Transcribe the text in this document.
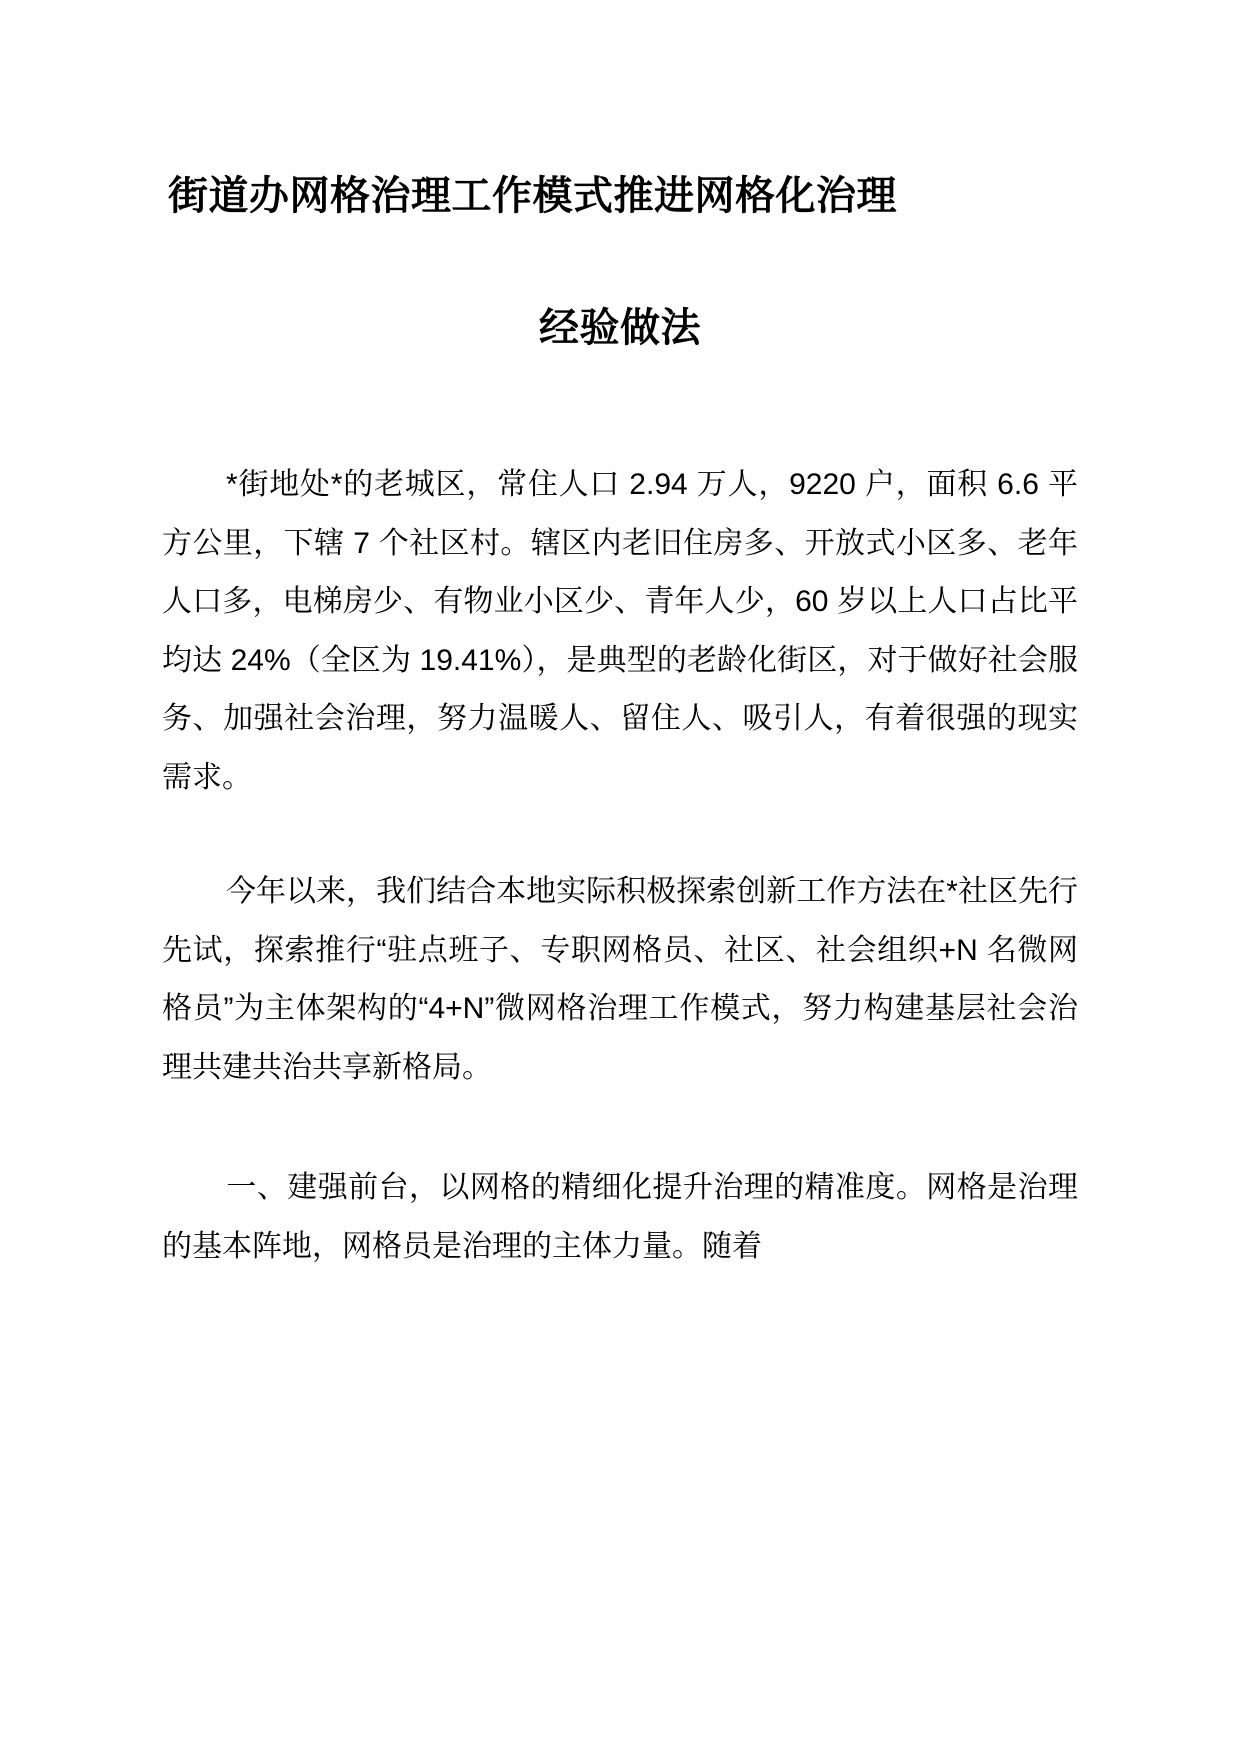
街道办网格治理工作模式推进网格化治理
经验做法

*街地处*的老城区，常住人口 2.94 万人，9220 户，面积 6.6 平方公里，下辖 7 个社区村。辖区内老旧住房多、开放式小区多、老年人口多，电梯房少、有物业小区少、青年人少，60 岁以上人口占比平均达 24%（全区为 19.41%），是典型的老龄化街区，对于做好社会服务、加强社会治理，努力温暖人、留住人、吸引人，有着很强的现实需求。

今年以来，我们结合本地实际积极探索创新工作方法在*社区先行先试，探索推行“驻点班子、专职网格员、社区、社会组织+N 名微网格员”为主体架构的“4+N”微网格治理工作模式，努力构建基层社会治理共建共治共享新格局。

一、建强前台，以网格的精细化提升治理的精准度。网格是治理的基本阵地，网格员是治理的主体力量。随着
